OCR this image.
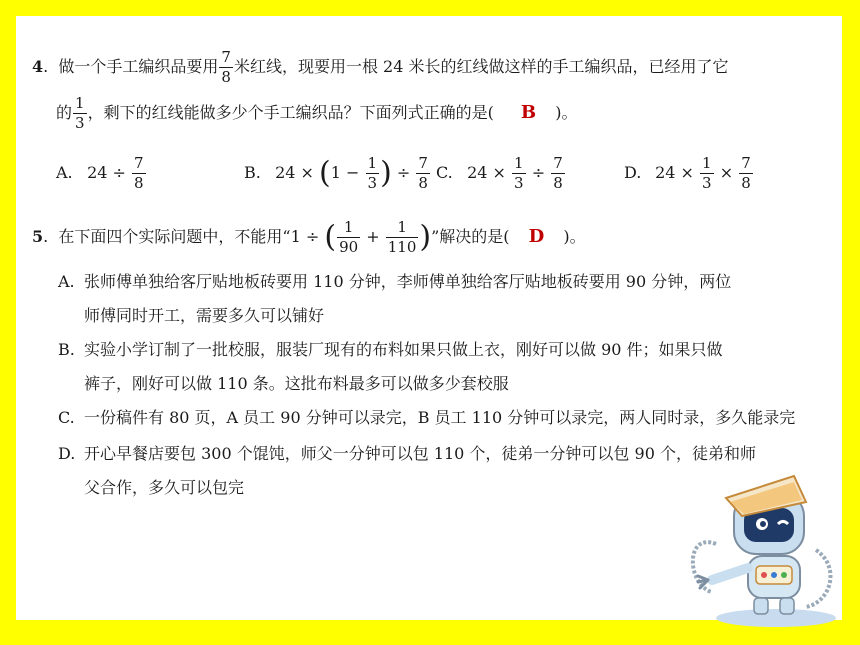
4.  做一个手工编织品要用 $\frac{7}{8}$ 米红线，现要用一根 24 米长的红线做这样的手工编织品，已经用了它
的 $\frac{1}{3}$ ，剩下的红线能做多少个手工编织品？下面列式正确的是( B )。
A. $24 \div \frac{7}{8}$	B. $24 \times (1 - \frac{1}{3}$ ) ÷ $\frac{7}{8} C$. $24 \times \frac{1}{3} \div \frac{7}{8}$	D. $24 \times \frac{1}{3} \times \frac{7}{8}$
5.  在下面四个实际问题中，不能用“1 ÷ ( $\frac{1}{90} + \frac{1}{110}$ )”解决的是( D )。
A. 张师傅单独给客厅贴地板砖要用 110 分钟，李师傅单独给客厅贴地板砖要用 90 分钟，两位
师傅同时开工，需要多久可以铺好
B. 实验小学订制了一批校服，服装厂现有的布料如果只做上衣，刚好可以做 90 件；如果只做
裤子，刚好可以做 110 条。这批布料最多可以做多少套校服
C. 一份稿件有 80 页，A 员工 90 分钟可以录完，B 员工 110 分钟可以录完，两人同时录，多久能录完
D. 开心早餐店要包 300 个馄饨，师父一分钟可以包 110 个，徒弟一分钟可以包 90 个，徒弟和师
父合作，多久可以包完
